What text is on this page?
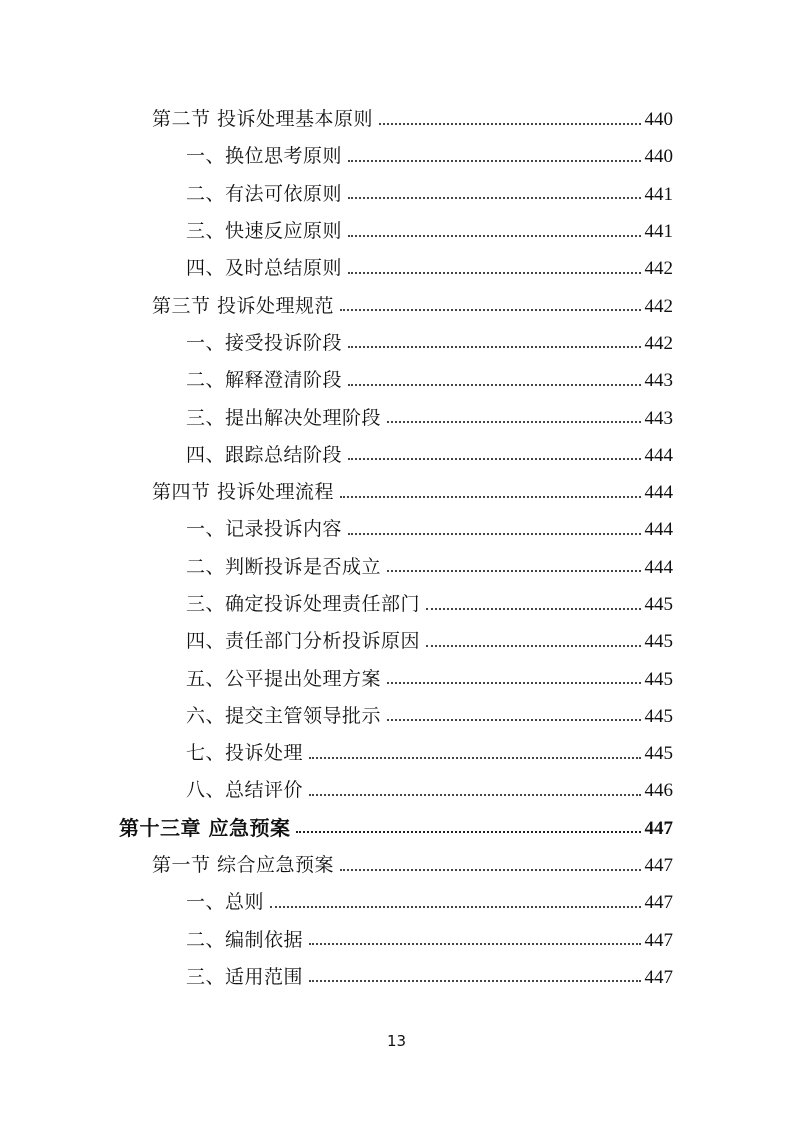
第二节 投诉处理基本原则	440
一、换位思考原则	440
二、有法可依原则	441
三、快速反应原则	441
四、及时总结原则	442
第三节 投诉处理规范	442
一、接受投诉阶段	442
二、解释澄清阶段	443
三、提出解决处理阶段	443
四、跟踪总结阶段	444
第四节 投诉处理流程	444
一、记录投诉内容	444
二、判断投诉是否成立	444
三、确定投诉处理责任部门	445
四、责任部门分析投诉原因	445
五、公平提出处理方案	445
六、提交主管领导批示	445
七、投诉处理	445
八、总结评价	446
第十三章 应急预案	447
第一节 综合应急预案	447
一、总则	447
二、编制依据	447
三、适用范围	447
13
